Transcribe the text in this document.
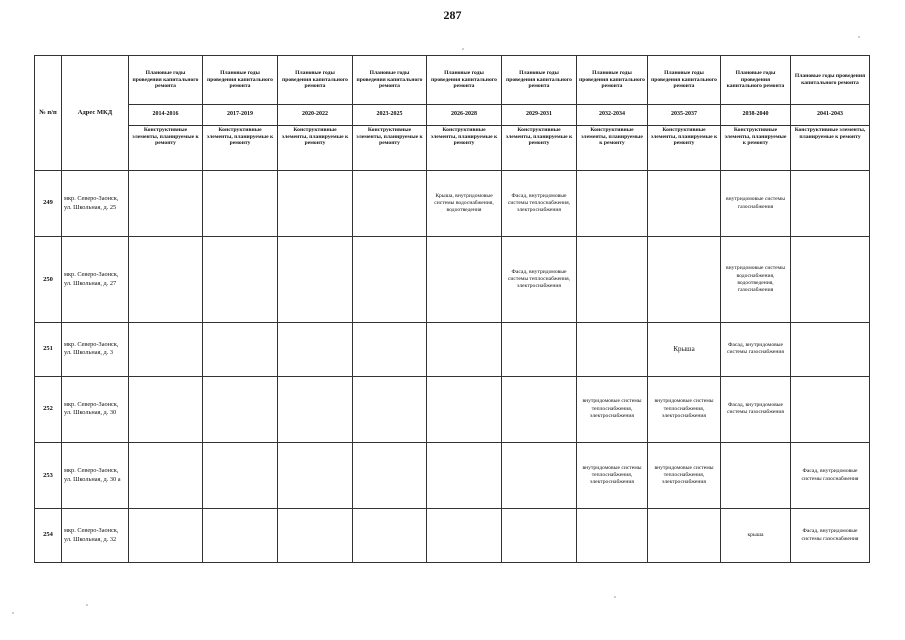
287
№ п/п	Адрес МКД	Плановые годы проведения капитального ремонта	Плановые годы проведения капитального ремонта	Плановые годы проведения капитального ремонта	Плановые годы проведения капитального ремонта	Плановые годы проведения капитального ремонта	Плановые годы проведения капитального ремонта	Плановые годы проведения капитального ремонта	Плановые годы проведения капитального ремонта	Плановые годы проведения капитального ремонта	Плановые годы проведения капитального ремонта
		2014-2016	2017-2019	2020-2022	2023-2025	2026-2028	2029-2031	2032-2034	2035-2037	2038-2040	2041-2043
		Конструктивные элементы, планируемые к ремонту	Конструктивные элементы, планируемые к ремонту	Конструктивные элементы, планируемые к ремонту	Конструктивные элементы, планируемые к ремонту	Конструктивные элементы, планируемые к ремонту	Конструктивные элементы, планируемые к ремонту	Конструктивные элементы, планируемые к ремонту	Конструктивные элементы, планируемые к ремонту	Конструктивные элементы, планируемые к ремонту	Конструктивные элементы, планируемые к ремонту
249	мкр. Северо-Заонск, ул. Школьная, д. 25					Крыша, внутридомовые системы водоснабжения, водоотведения	Фасад, внутридомовые системы теплоснабжения, электроснабжения			внутридомовые системы газоснабжения	
250	мкр. Северо-Заонск, ул. Школьная, д. 27						Фасад, внутридомовые системы теплоснабжения, электроснабжения			внутридомовые системы водоснабжения, водоотведения, газоснабжения	
251	мкр. Северо-Заонск, ул. Школьная, д. 3								Крыша	Фасад, внутридомовые системы газоснабжения	
252	мкр. Северо-Заонск, ул. Школьная, д. 30							внутридомовые системы теплоснабжения, электроснабжения	внутридомовые системы теплоснабжения, электроснабжения	Фасад, внутридомовые системы газоснабжения	
253	мкр. Северо-Заонск, ул. Школьная, д. 30 а							внутридомовые системы теплоснабжения, электроснабжения	внутридомовые системы теплоснабжения, электроснабжения		Фасад, внутридомовые системы газоснабжения
254	мкр. Северо-Заонск, ул. Школьная, д. 32									крыша	Фасад, внутридомовые системы газоснабжения
